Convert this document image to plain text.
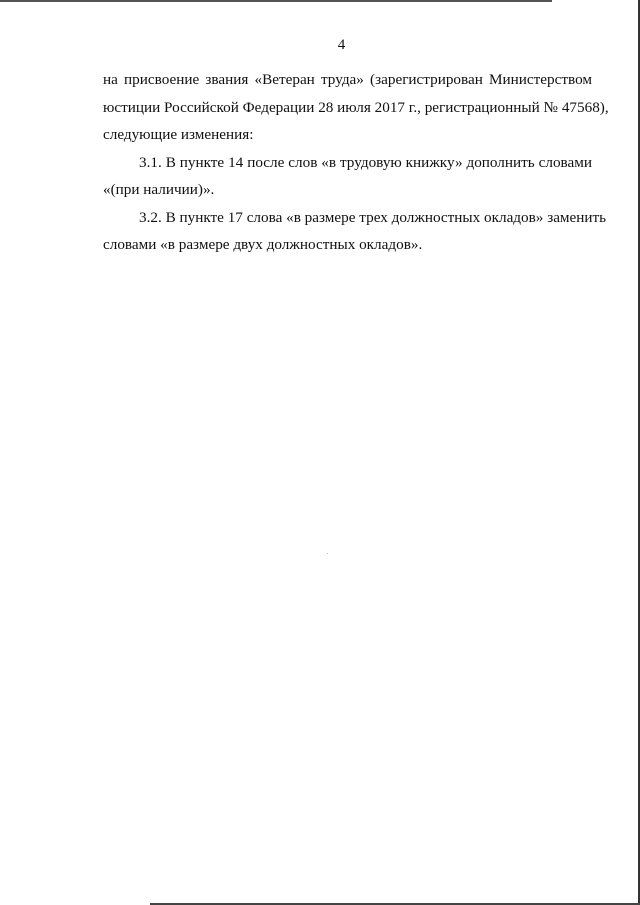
4
на присвоение звания «Ветеран труда» (зарегистрирован Министерством
юстиции Российской Федерации 28 июля 2017 г., регистрационный № 47568),
следующие изменения:
3.1. В пункте 14 после слов «в трудовую книжку» дополнить словами
«(при наличии)».
3.2. В пункте 17 слова «в размере трех должностных окладов» заменить
словами «в размере двух должностных окладов».
